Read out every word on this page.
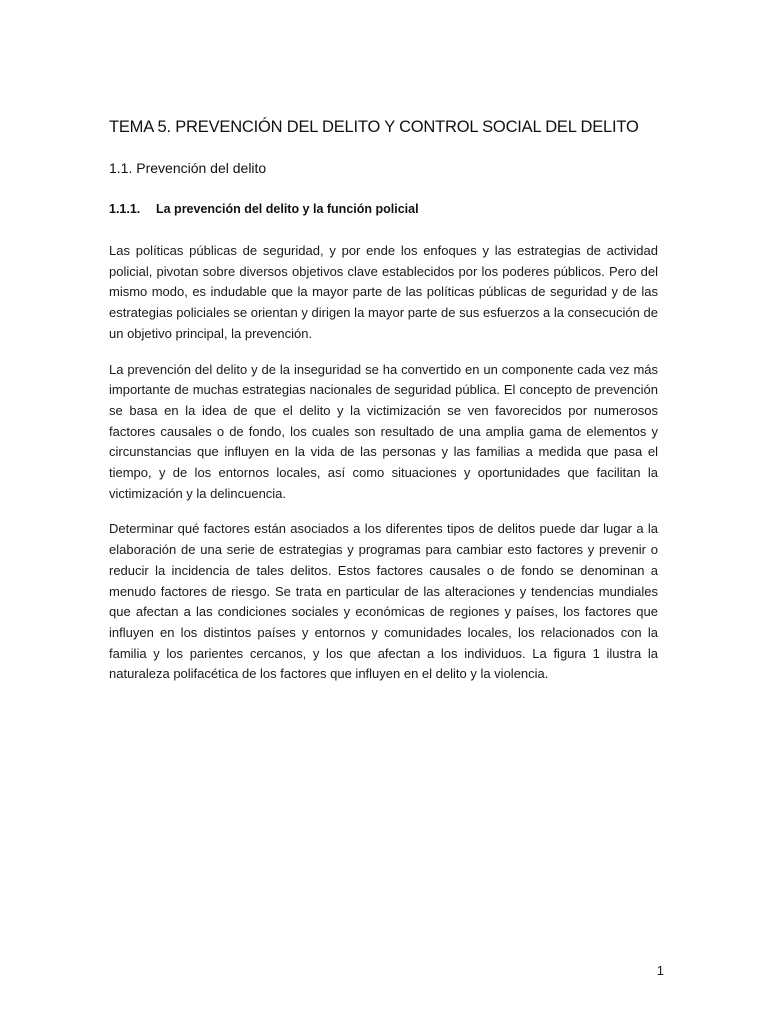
TEMA 5. PREVENCIÓN DEL DELITO Y CONTROL SOCIAL DEL DELITO
1.1. Prevención del delito
1.1.1.	La prevención del delito y la función policial

Las políticas públicas de seguridad, y por ende los enfoques y las estrategias de actividad policial, pivotan sobre diversos objetivos clave establecidos por los poderes públicos. Pero del mismo modo, es indudable que la mayor parte de las políticas públicas de seguridad y de las estrategias policiales se orientan y dirigen la mayor parte de sus esfuerzos a la consecución de un objetivo principal, la prevención.

La prevención del delito y de la inseguridad se ha convertido en un componente cada vez más importante de muchas estrategias nacionales de seguridad pública. El concepto de prevención se basa en la idea de que el delito y la victimización se ven favorecidos por numerosos factores causales o de fondo, los cuales son resultado de una amplia gama de elementos y circunstancias que influyen en la vida de las personas y las familias a medida que pasa el tiempo, y de los entornos locales, así como situaciones y oportunidades que facilitan la victimización y la delincuencia.

Determinar qué factores están asociados a los diferentes tipos de delitos puede dar lugar a la elaboración de una serie de estrategias y programas para cambiar esto factores y prevenir o reducir la incidencia de tales delitos. Estos factores causales o de fondo se denominan a menudo factores de riesgo. Se trata en particular de las alteraciones y tendencias mundiales que afectan a las condiciones sociales y económicas de regiones y países, los factores que influyen en los distintos países y entornos y comunidades locales, los relacionados con la familia y los parientes cercanos, y los que afectan a los individuos. La figura 1 ilustra la naturaleza polifacética de los factores que influyen en el delito y la violencia.

1
